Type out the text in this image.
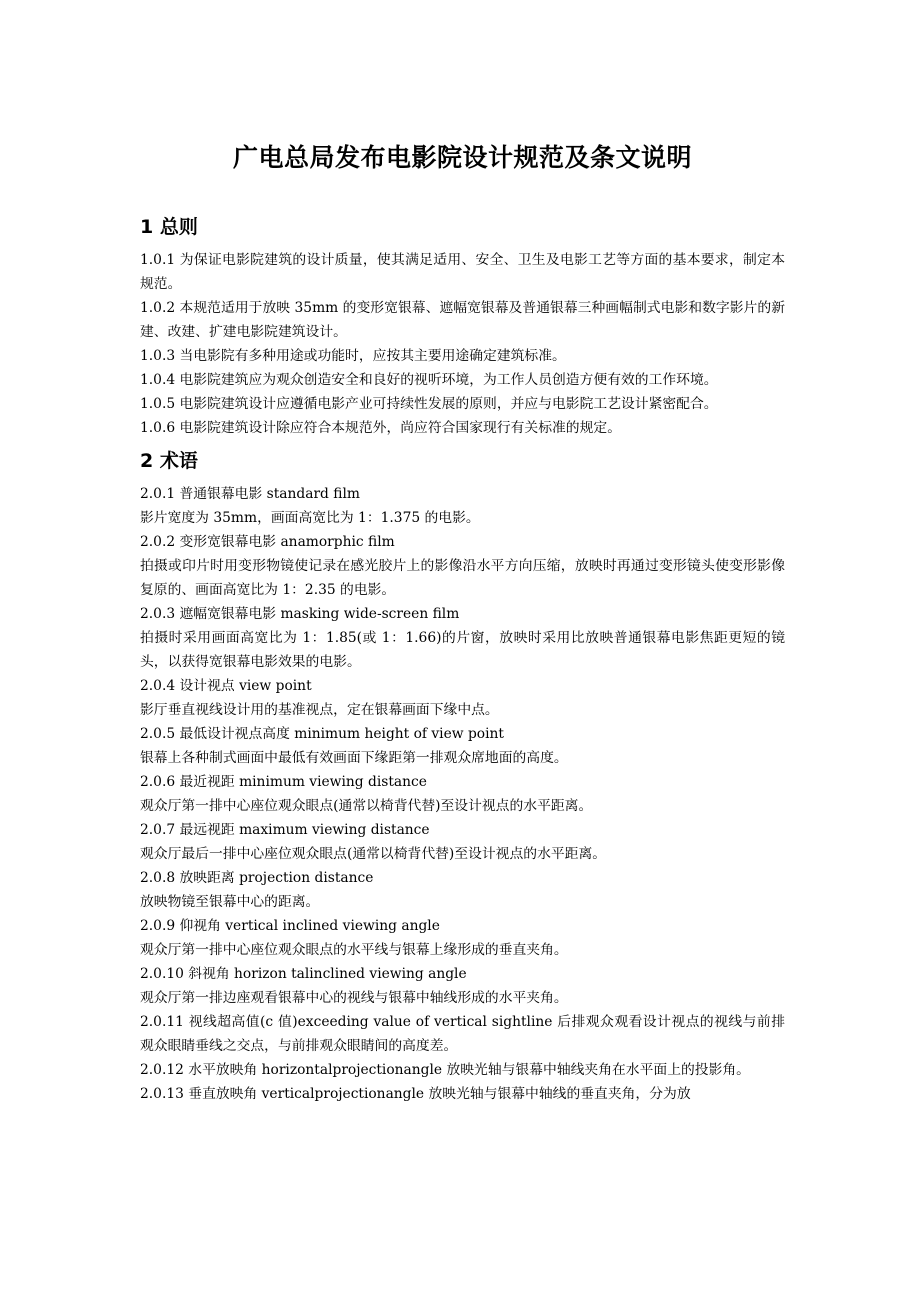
广电总局发布电影院设计规范及条文说明
1 总则

1.0.1 为保证电影院建筑的设计质量，使其满足适用、安全、卫生及电影工艺等方面的基本要求，制定本规范。

1.0.2 本规范适用于放映 35mm 的变形宽银幕、遮幅宽银幕及普通银幕三种画幅制式电影和数字影片的新建、改建、扩建电影院建筑设计。

1.0.3 当电影院有多种用途或功能时，应按其主要用途确定建筑标准。

1.0.4 电影院建筑应为观众创造安全和良好的视听环境，为工作人员创造方便有效的工作环境。

1.0.5 电影院建筑设计应遵循电影产业可持续性发展的原则，并应与电影院工艺设计紧密配合。

1.0.6 电影院建筑设计除应符合本规范外，尚应符合国家现行有关标准的规定。

2 术语

2.0.1 普通银幕电影 standard film

影片宽度为 35mm，画面高宽比为 1：1.375 的电影。

2.0.2 变形宽银幕电影 anamorphic film

拍摄或印片时用变形物镜使记录在感光胶片上的影像沿水平方向压缩，放映时再通过变形镜头使变形影像复原的、画面高宽比为 1：2.35 的电影。

2.0.3 遮幅宽银幕电影 masking wide-screen film

拍摄时采用画面高宽比为 1：1.85(或 1：1.66)的片窗，放映时采用比放映普通银幕电影焦距更短的镜头，以获得宽银幕电影效果的电影。

2.0.4 设计视点 view point

影厅垂直视线设计用的基准视点，定在银幕画面下缘中点。

2.0.5 最低设计视点高度 minimum height of view point

银幕上各种制式画面中最低有效画面下缘距第一排观众席地面的高度。

2.0.6 最近视距 minimum viewing distance

观众厅第一排中心座位观众眼点(通常以椅背代替)至设计视点的水平距离。

2.0.7 最远视距 maximum viewing distance

观众厅最后一排中心座位观众眼点(通常以椅背代替)至设计视点的水平距离。

2.0.8 放映距离 projection distance

放映物镜至银幕中心的距离。

2.0.9 仰视角 vertical inclined viewing angle

观众厅第一排中心座位观众眼点的水平线与银幕上缘形成的垂直夹角。

2.0.10 斜视角 horizon talinclined viewing angle

观众厅第一排边座观看银幕中心的视线与银幕中轴线形成的水平夹角。

2.0.11 视线超高值(c 值)exceeding value of vertical sightline 后排观众观看设计视点的视线与前排观众眼睛垂线之交点，与前排观众眼睛间的高度差。

2.0.12 水平放映角 horizontalprojectionangle 放映光轴与银幕中轴线夹角在水平面上的投影角。

2.0.13 垂直放映角 verticalprojectionangle 放映光轴与银幕中轴线的垂直夹角，分为放
